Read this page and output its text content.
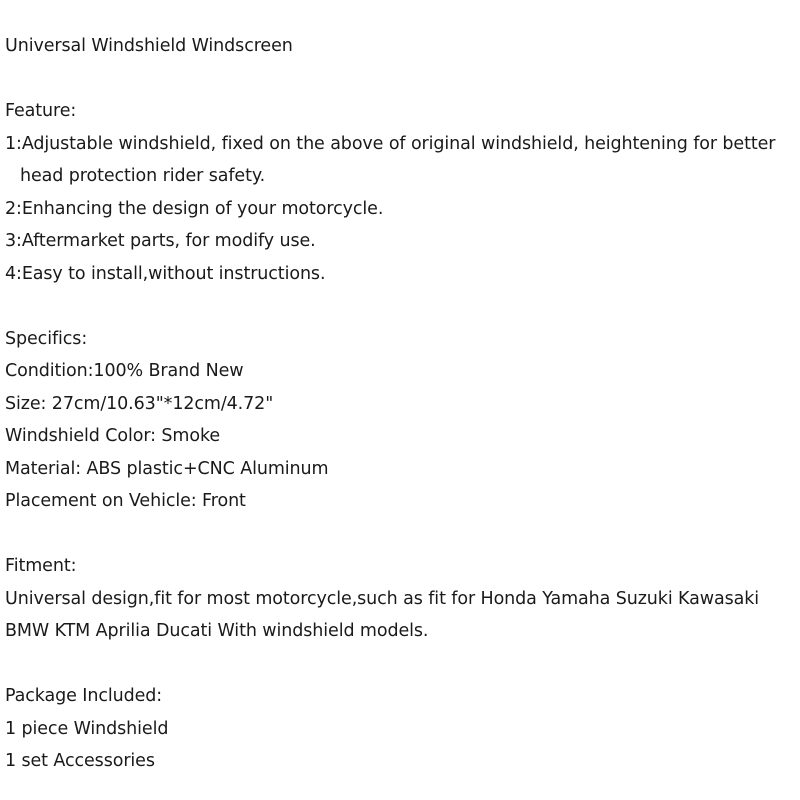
Universal Windshield Windscreen
Feature:
1:Adjustable windshield, fixed on the above of original windshield, heightening for better
head protection rider safety.
2:Enhancing the design of your motorcycle.
3:Aftermarket parts, for modify use.
4:Easy to install,without instructions.
Specifics:
Condition:100% Brand New
Size: 27cm/10.63"*12cm/4.72"
Windshield Color: Smoke
Material: ABS plastic+CNC Aluminum
Placement on Vehicle: Front
Fitment:
Universal design,fit for most motorcycle,such as fit for Honda Yamaha Suzuki Kawasaki
BMW KTM Aprilia Ducati With windshield models.
Package Included:
1 piece Windshield
1 set Accessories
